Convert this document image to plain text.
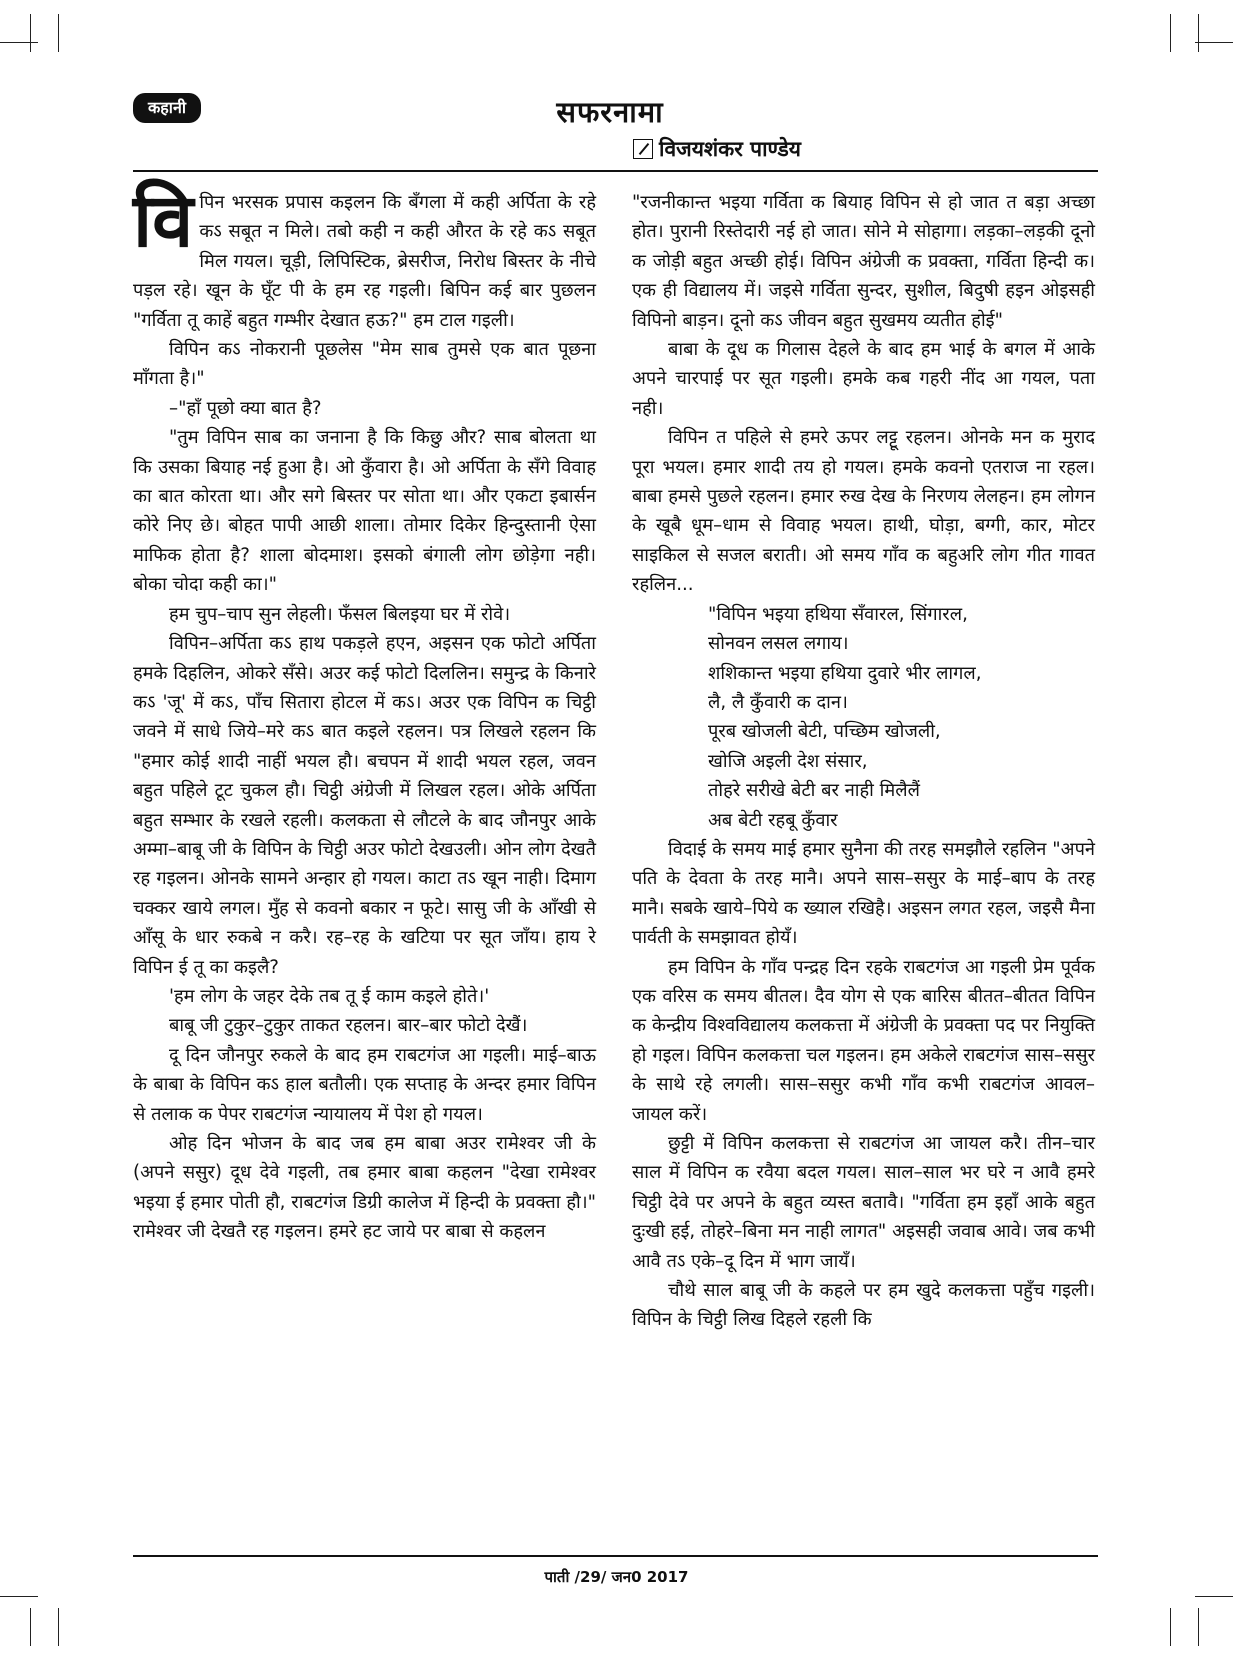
कहानी	सफरनामा
विजयशंकर पाण्डेय

विपिन भरसक प्रपास कइलन कि बँगला में कही अर्पिता के रहे कऽ सबूत न मिले। तबो कही न कही औरत के रहे कऽ सबूत मिल गयल। चूड़ी, लिपिस्टिक, ब्रेसरीज, निरोध बिस्तर के नीचे पड़ल रहे। खून के घूँट पी के हम रह गइली। बिपिन कई बार पुछलन "गर्विता तू काहें बहुत गम्भीर देखात हऊ?" हम टाल गइली।

विपिन कऽ नोकरानी पूछलेस "मेम साब तुमसे एक बात पूछना माँगता है।"

–"हाँ पूछो क्या बात है?

"तुम विपिन साब का जनाना है कि किछु और? साब बोलता था कि उसका बियाह नई हुआ है। ओ कुँवारा है। ओ अर्पिता के सँगे विवाह का बात कोरता था। और सगे बिस्तर पर सोता था। और एकटा इबार्सन कोरे निए छे। बोहत पापी आछी शाला। तोमार दिकेर हिन्दुस्तानी ऐसा माफिक होता है? शाला बोदमाश। इसको बंगाली लोग छोड़ेगा नही। बोका चोदा कही का।"

हम चुप–चाप सुन लेहली। फँसल बिलइया घर में रोवे।

विपिन–अर्पिता कऽ हाथ पकड़ले हएन, अइसन एक फोटो अर्पिता हमके दिहलिन, ओकरे सँसे। अउर कई फोटो दिललिन। समुन्द्र के किनारे कऽ 'जू' में कऽ, पाँच सितारा होटल में कऽ। अउर एक विपिन क चिट्ठी जवने में साधे जिये–मरे कऽ बात कइले रहलन। पत्र लिखले रहलन कि "हमार कोई शादी नाहीं भयल हौ। बचपन में शादी भयल रहल, जवन बहुत पहिले टूट चुकल हौ। चिट्ठी अंग्रेजी में लिखल रहल। ओके अर्पिता बहुत सम्भार के रखले रहली। कलकता से लौटले के बाद जौनपुर आके अम्मा–बाबू जी के विपिन के चिट्ठी अउर फोटो देखउली। ओन लोग देखतै रह गइलन। ओनके सामने अन्हार हो गयल। काटा तऽ खून नाही। दिमाग चक्कर खाये लगल। मुँह से कवनो बकार न फूटे। सासु जी के आँखी से आँसू के धार रुकबे न करै। रह–रह के खटिया पर सूत जाँय। हाय रे विपिन ई तू का कइलै?

'हम लोग के जहर देके तब तू ई काम कइले होते।'

बाबू जी टुकुर–टुकुर ताकत रहलन। बार–बार फोटो देखैं।

दू दिन जौनपुर रुकले के बाद हम राबटगंज आ गइली। माई–बाऊ के बाबा के विपिन कऽ हाल बतौली। एक सप्ताह के अन्दर हमार विपिन से तलाक क पेपर राबटगंज न्यायालय में पेश हो गयल।

ओह दिन भोजन के बाद जब हम बाबा अउर रामेश्वर जी के (अपने ससुर) दूध देवे गइली, तब हमार बाबा कहलन "देखा रामेश्वर भइया ई हमार पोती हौ, राबटगंज डिग्री कालेज में हिन्दी के प्रवक्ता हौ।" रामेश्वर जी देखतै रह गइलन। हमरे हट जाये पर बाबा से कहलन

"रजनीकान्त भइया गर्विता क बियाह विपिन से हो जात त बड़ा अच्छा होत। पुरानी रिस्तेदारी नई हो जात। सोने मे सोहागा। लड़का–लड़की दूनो क जोड़ी बहुत अच्छी होई। विपिन अंग्रेजी क प्रवक्ता, गर्विता हिन्दी क। एक ही विद्यालय में। जइसे गर्विता सुन्दर, सुशील, बिदुषी हइन ओइसही विपिनो बाड़न। दूनो कऽ जीवन बहुत सुखमय व्यतीत होई"

बाबा के दूध क गिलास देहले के बाद हम भाई के बगल में आके अपने चारपाई पर सूत गइली। हमके कब गहरी नींद आ गयल, पता नही।

विपिन त पहिले से हमरे ऊपर लट्टू रहलन। ओनके मन क मुराद पूरा भयल। हमार शादी तय हो गयल। हमके कवनो एतराज ना रहल। बाबा हमसे पुछले रहलन। हमार रुख देख के निरणय लेलहन। हम लोगन के खूबै धूम–धाम से विवाह भयल। हाथी, घोड़ा, बग्गी, कार, मोटर साइकिल से सजल बराती। ओ समय गाँव क बहुअरि लोग गीत गावत रहलिन...

"विपिन भइया हथिया सँवारल, सिंगारल,

सोनवन लसल लगाय।

शशिकान्त भइया हथिया दुवारे भीर लागल,

लै, लै कुँवारी क दान।

पूरब खोजली बेटी, पच्छिम खोजली,

खोजि अइली देश संसार,

तोहरे सरीखे बेटी बर नाही मिलैलैं

अब बेटी रहबू कुँवार

विदाई के समय माई हमार सुनैना की तरह समझौले रहलिन "अपने पति के देवता के तरह मानै। अपने सास–ससुर के माई–बाप के तरह मानै। सबके खाये–पिये क ख्याल रखिहै। अइसन लगत रहल, जइसै मैना पार्वती के समझावत होयँ।

हम विपिन के गाँव पन्द्रह दिन रहके राबटगंज आ गइली प्रेम पूर्वक एक वरिस क समय बीतल। दैव योग से एक बारिस बीतत–बीतत विपिन क केन्द्रीय विश्वविद्यालय कलकत्ता में अंग्रेजी के प्रवक्ता पद पर नियुक्ति हो गइल। विपिन कलकत्ता चल गइलन। हम अकेले राबटगंज सास–ससुर के साथे रहे लगली। सास–ससुर कभी गाँव कभी राबटगंज आवल–जायल करें।

छुट्टी में विपिन कलकत्ता से राबटगंज आ जायल करै। तीन–चार साल में विपिन क रवैया बदल गयल। साल–साल भर घरे न आवै हमरे चिट्ठी देवे पर अपने के बहुत व्यस्त बतावै। "गर्विता हम इहाँ आके बहुत दुःखी हई, तोहरे–बिना मन नाही लागत" अइसही जवाब आवे। जब कभी आवै तऽ एके–दू दिन में भाग जायँ।

चौथे साल बाबू जी के कहले पर हम खुदे कलकत्ता पहुँच गइली। विपिन के चिट्ठी लिख दिहले रहली कि

पाती /29/ जन0 2017
